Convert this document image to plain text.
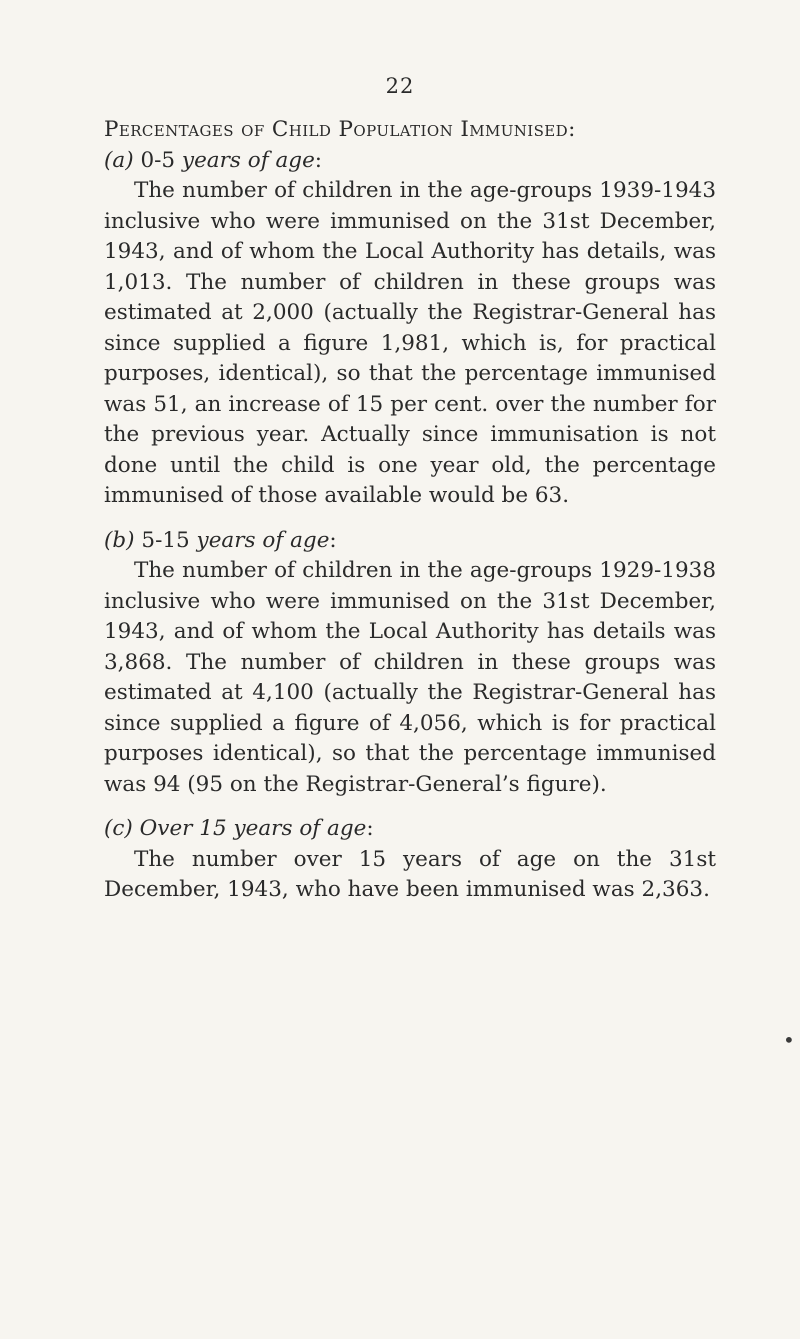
22
Percentages of Child Population Immunised:
(a) 0-5 years of age:

The number of children in the age-groups 1939-1943 inclusive who were immunised on the 31st December, 1943, and of whom the Local Authority has details, was 1,013. The number of children in these groups was estimated at 2,000 (actually the Registrar-General has since supplied a figure 1,981, which is, for practical purposes, identical), so that the percentage immunised was 51, an increase of 15 per cent. over the number for the previous year. Actually since immunisation is not done until the child is one year old, the percentage immunised of those available would be 63.

(b) 5-15 years of age:

The number of children in the age-groups 1929-1938 inclusive who were immunised on the 31st December, 1943, and of whom the Local Authority has details was 3,868. The number of children in these groups was estimated at 4,100 (actually the Registrar-General has since supplied a figure of 4,056, which is for practical purposes identical), so that the percentage immunised was 94 (95 on the Registrar-General’s figure).

(c) Over 15 years of age:

The number over 15 years of age on the 31st December, 1943, who have been immunised was 2,363.

•
